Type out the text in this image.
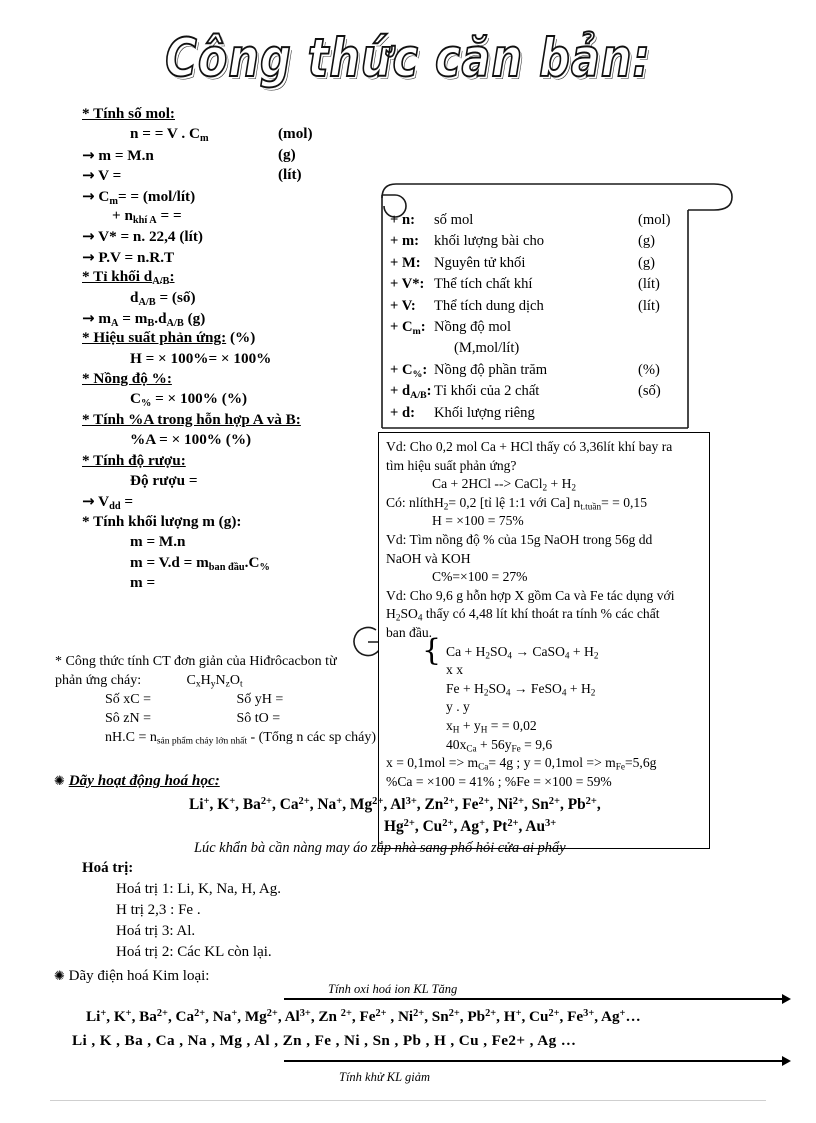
Công thức căn bản:
* Tính số mol:
n = = V . $C_m$	(mol)
→ m = M.n	(g)
→ V =	(lít)
→ $C_m=$ = (mol/lít)
+ $n_{khí A}$ = =
→ V* = n. 22,4 (lít)
→ P.V = n.R.T
* Tỉ khối $d_{A/B}$:
$d_{A/B}$ = (số)
→ $m_A = m_B.d_{A/B}$ (g)
* Hiệu suất phản ứng: (%)
H = × 100%= × 100%
* Nồng độ %:
$C_{\%}$ = × 100% (%)
* Tính %A trong hỗn hợp A và B:
%A = × 100% (%)
* Tính độ rượu:
Độ rượu =
→ $V_{dd}$ =
* Tính khối lượng m (g):
m = M.n
$m = V.d = m_{ban đầu}.C_{\%}$
m =
* Công thức tính CT đơn giản của Hiđrôcacbon từ
phản ứng cháy:	$C_xH_yN_zO_t$
Số xC =	Số yH =
Sô zN =	Sô tO =
$nH.C = n_{sản phẩm cháy lớn nhất}$ - (Tổng n các sp cháy)
+ n: số mol	(mol)
+ m: khối lượng bài cho	(g)
+ M: Nguyên tử khối	(g)
+ V*: Thể tích chất khí	(lít)
+ V: Thể tích dung dịch	(lít)
+ $C_m$: Nồng độ mol
(M,mol/lít)
+ $C_{\%}$: Nồng độ phần trăm	(%)
+ $d_{A/B}$: Tỉ khối của 2 chất	(số)
+ d: Khối lượng riêng
Vd: Cho 0,2 mol Ca + HCl thấy có 3,36lít khí bay ra
tìm hiệu suất phản ứng?
Ca + 2HCl --> CaCl$_2$ + $H_2$
Có: nlíthH$_2$= 0,2 [tỉ lệ 1:1 với Ca] $n_{t.tuần}= = 0,15$
H = ×100 = 75%
Vd: Tìm nồng độ % của 15g NaOH trong 56g dd
NaOH và KOH
C%=×100 = 27%
Vd: Cho 9,6 g hỗn hợp X gồm Ca và Fe tác dụng với
$H_2SO_4$ thấy có 4,48 lít khí thoát ra tính % các chất
ban đầu.
$Ca + H_2SO_4$ → CaSO$_4$ + $H_2$
{
x x
$Fe + H_2SO_4$ → FeSO$_4$ + $H_2$
y . y
$x_H + y_H$ = = 0,02
$40x_{Ca} + 56y_{Fe} = 9,6$
$x = 0,1mol => m_{Ca}= 4g$ ; $y = 0,1mol => m_{Fe}=5,6g$
%Ca = ×100 = 41% ; %Fe = ×100 = 59%
✺ Dãy hoạt động hoá học:
Li+, K+, $Ba^{2+}$, $Ca^{2+}$, Na+, $Mg^{2+}$, $Al^{3+}$, $Zn^{2+}$, $Fe^{2+}$, $Ni^{2+}$, $Sn^{2+}$, $Pb^{2+}$,
$Hg^{2+}$, $Cu^{2+}$, Ag+, $Pt^{2+}$, $Au^{3+}$
Lúc khẩn bà cần nàng may áo zắp nhà sang phố hỏi cửa ai phẩy
Hoá trị:
Hoá trị 1: Li, K, Na, H, Ag.
H trị 2,3 : Fe .
Hoá trị 3: Al.
Hoá trị 2: Các KL còn lại.
✺ Dãy điện hoá Kim loại:
Tính oxi hoá ion KL Tăng
Li+, K+, $Ba^{2+}$, $Ca^{2+}$, Na+, $Mg^{2+}$, $Al^{3+}$, Zn $^{2+}$, $Fe^{2+}$ , $Ni^{2+}$, $Sn^{2+}$, $Pb^{2+}$, H+, $Cu^{2+}$, $Fe^{3+}$, Ag+…
Li , K , Ba , Ca , Na , Mg , Al , Zn , Fe , Ni , Sn , Pb , H , Cu , Fe2+ , Ag …
Tính khử KL giảm
